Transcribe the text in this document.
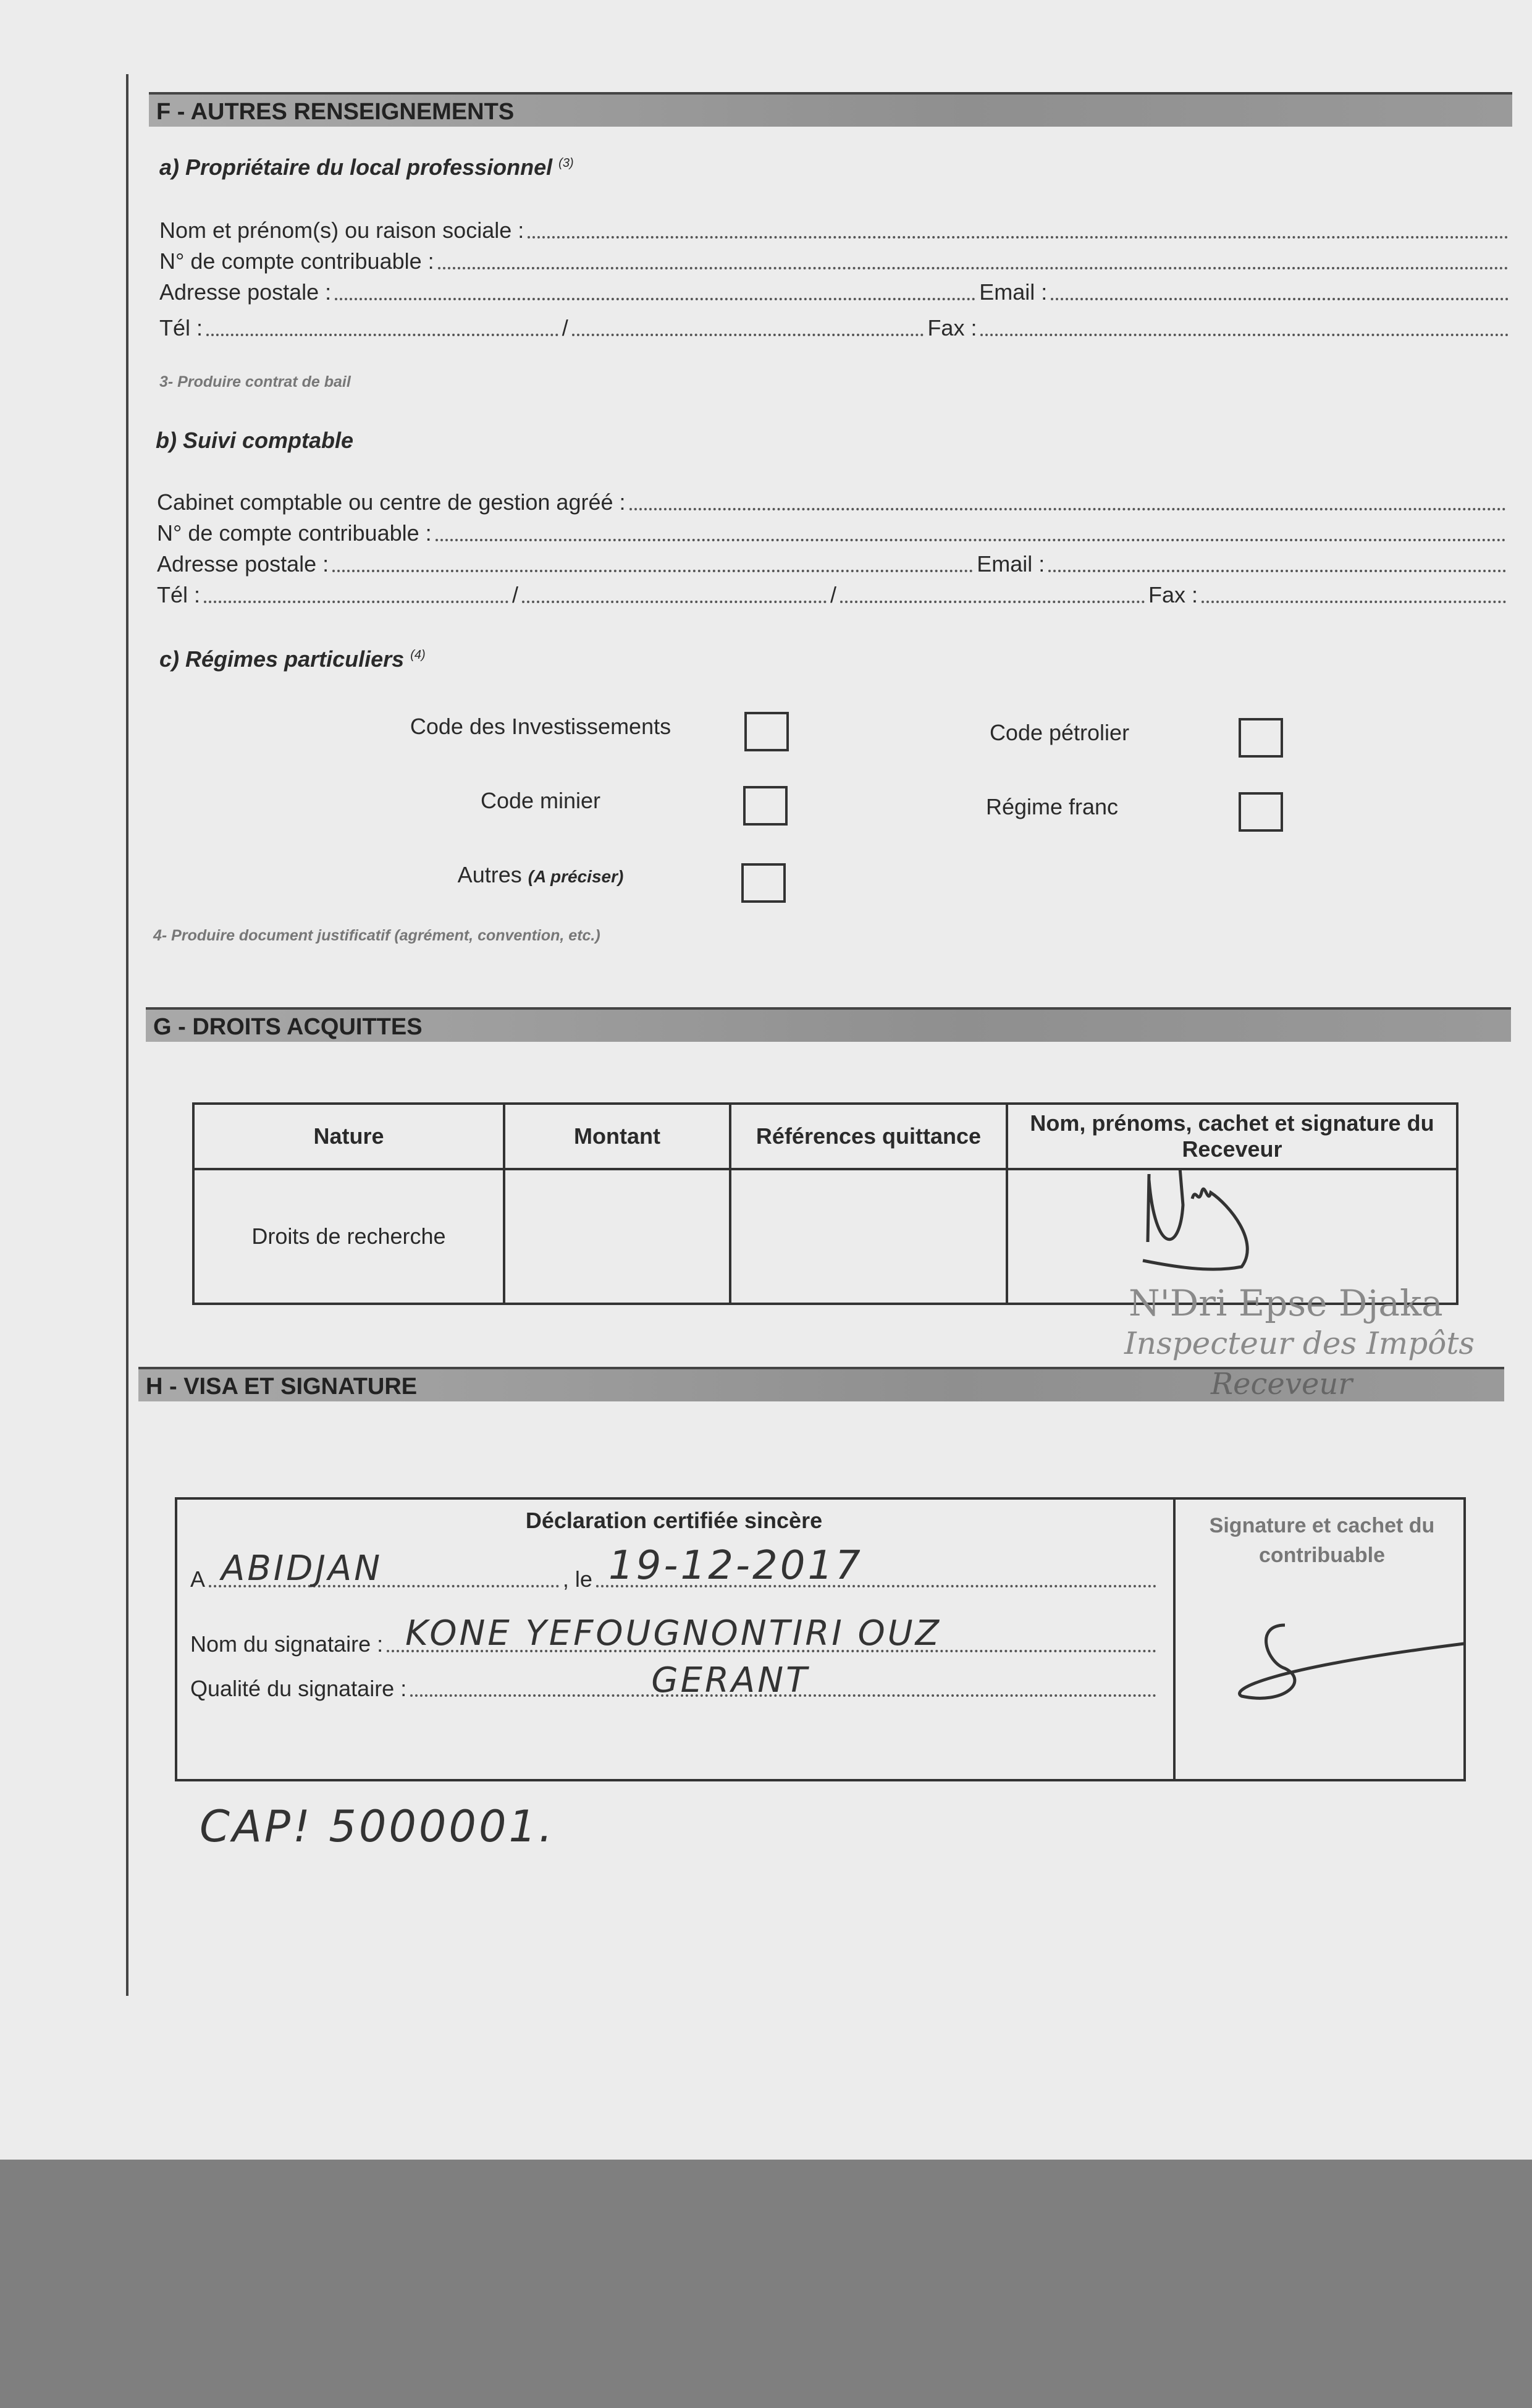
F - AUTRES RENSEIGNEMENTS
a) Propriétaire du local professionnel $^{(3)}$
Nom et prénom(s) ou raison sociale :
N° de compte contribuable :
Adresse postale :	Email :
Tél :	/	Fax :
3- Produire contrat de bail
b) Suivi comptable
Cabinet comptable ou centre de gestion agréé :
N° de compte contribuable :
Adresse postale :	Email :
Tél :	/	/	Fax :
c) Régimes particuliers $^{(4)}$
Code des Investissements	Code pétrolier
Code minier	Régime franc
Autres (A préciser)
4- Produire document justificatif (agrément, convention, etc.)
G - DROITS ACQUITTES
Nature	Montant	Références quittance	Nom, prénoms, cachet et signature du Receveur
Droits de recherche			
N'Dri Epse Djaka
Inspecteur des Impôts
H - VISA ET SIGNATURE	Receveur
Déclaration certifiée sincère	Signature et cachet du contribuable
A ABIDJAN	, le 19-12-2017
Nom du signataire : KONE YEFOUGNONTIRI OUZ
Qualité du signataire :	GERANT
CAP! 5000001.
